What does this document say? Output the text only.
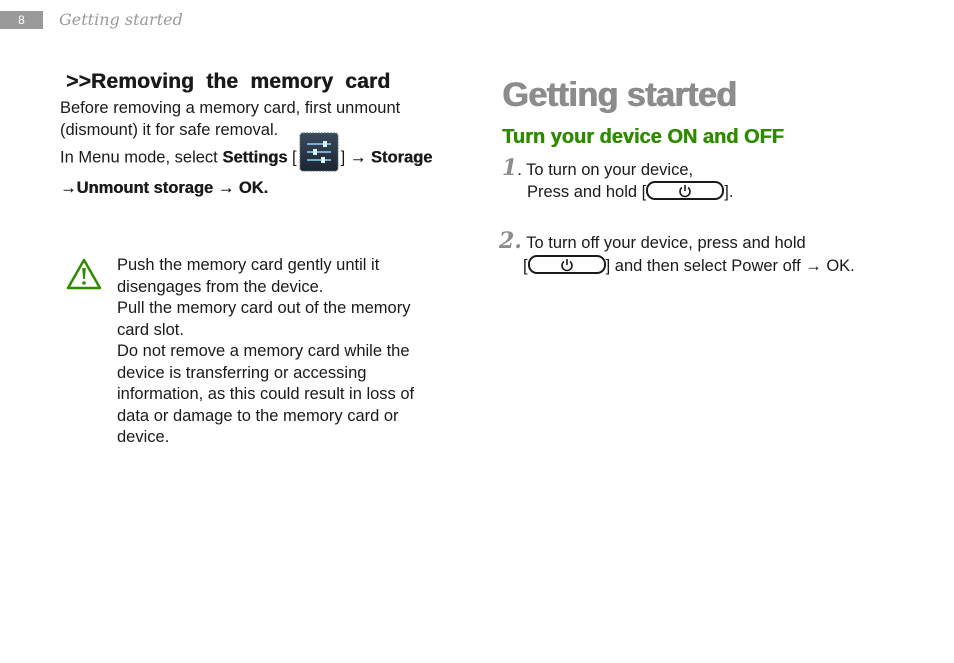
8	Getting started
>>Removing the memory card
Before removing a memory card, first unmount (dismount) it for safe removal.
In Menu mode, select Settings [	] → Storage
→Unmount storage → OK.

Push the memory card gently until it disengages from the device.

Pull the memory card out of the memory card slot.

Do not remove a memory card while the device is transferring or accessing information, as this could result in loss of data or damage to the memory card or device.

Getting started
Turn your device ON and OFF
1. To turn on your device,
Press and hold [	].
2. To turn off your device, press and hold
[	] and then select Power off → OK.
